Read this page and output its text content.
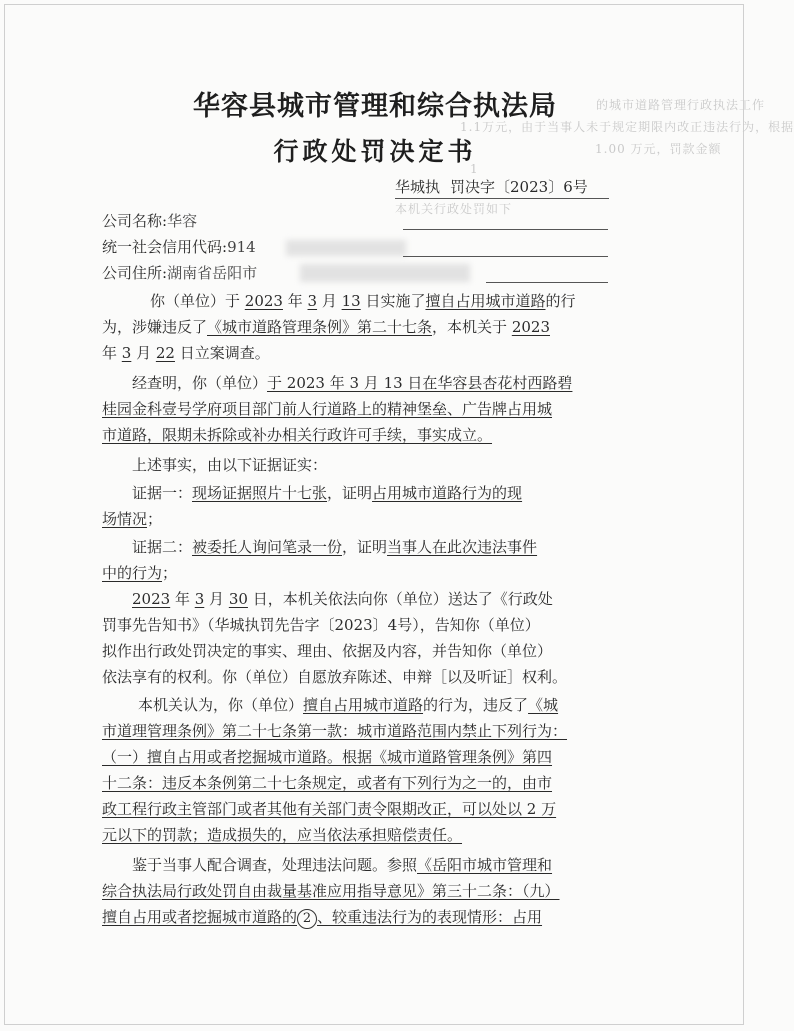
的城市道路管理行政执法工作
1.1万元，由于当事人未于规定期限内改正违法行为，根据
1.00 万元，罚款金额
1
本机关行政处罚如下
华容县城市管理和综合执法局
行政处罚决定书
华城执 罚决字〔2023〕6号
公司名称:华容
统一社会信用代码:914
公司住所:湖南省岳阳市
你（单位）于 2023 年 3 月 13 日实施了擅自占用城市道路的行
为，涉嫌违反了《城市道路管理条例》第二十七条，本机关于 2023
年 3 月 22 日立案调查。
经查明，你（单位）于 2023 年 3 月 13 日在华容县杏花村西路碧
桂园金科壹号学府项目部门前人行道路上的精神堡垒、广告牌占用城
市道路，限期未拆除或补办相关行政许可手续，事实成立。
上述事实，由以下证据证实：
证据一：现场证据照片十七张，证明占用城市道路行为的现
场情况；
证据二：被委托人询问笔录一份，证明当事人在此次违法事件
中的行为；
2023 年 3 月 30 日，本机关依法向你（单位）送达了《行政处
罚事先告知书》（华城执罚先告字〔2023〕4号），告知你（单位）
拟作出行政处罚决定的事实、理由、依据及内容，并告知你（单位）
依法享有的权利。你（单位）自愿放弃陈述、申辩［以及听证］权利。
本机关认为，你（单位）擅自占用城市道路的行为，违反了《城
市道理管理条例》第二十七条第一款：城市道路范围内禁止下列行为：
（一）擅自占用或者挖掘城市道路。根据《城市道路管理条例》第四
十二条：违反本条例第二十七条规定，或者有下列行为之一的，由市
政工程行政主管部门或者其他有关部门责令限期改正，可以处以 2 万
元以下的罚款；造成损失的，应当依法承担赔偿责任。
鉴于当事人配合调查，处理违法问题。参照《岳阳市城市管理和
综合执法局行政处罚自由裁量基准应用指导意见》第三十二条：（九）
擅自占用或者挖掘城市道路的 2 、较重违法行为的表现情形：占用
